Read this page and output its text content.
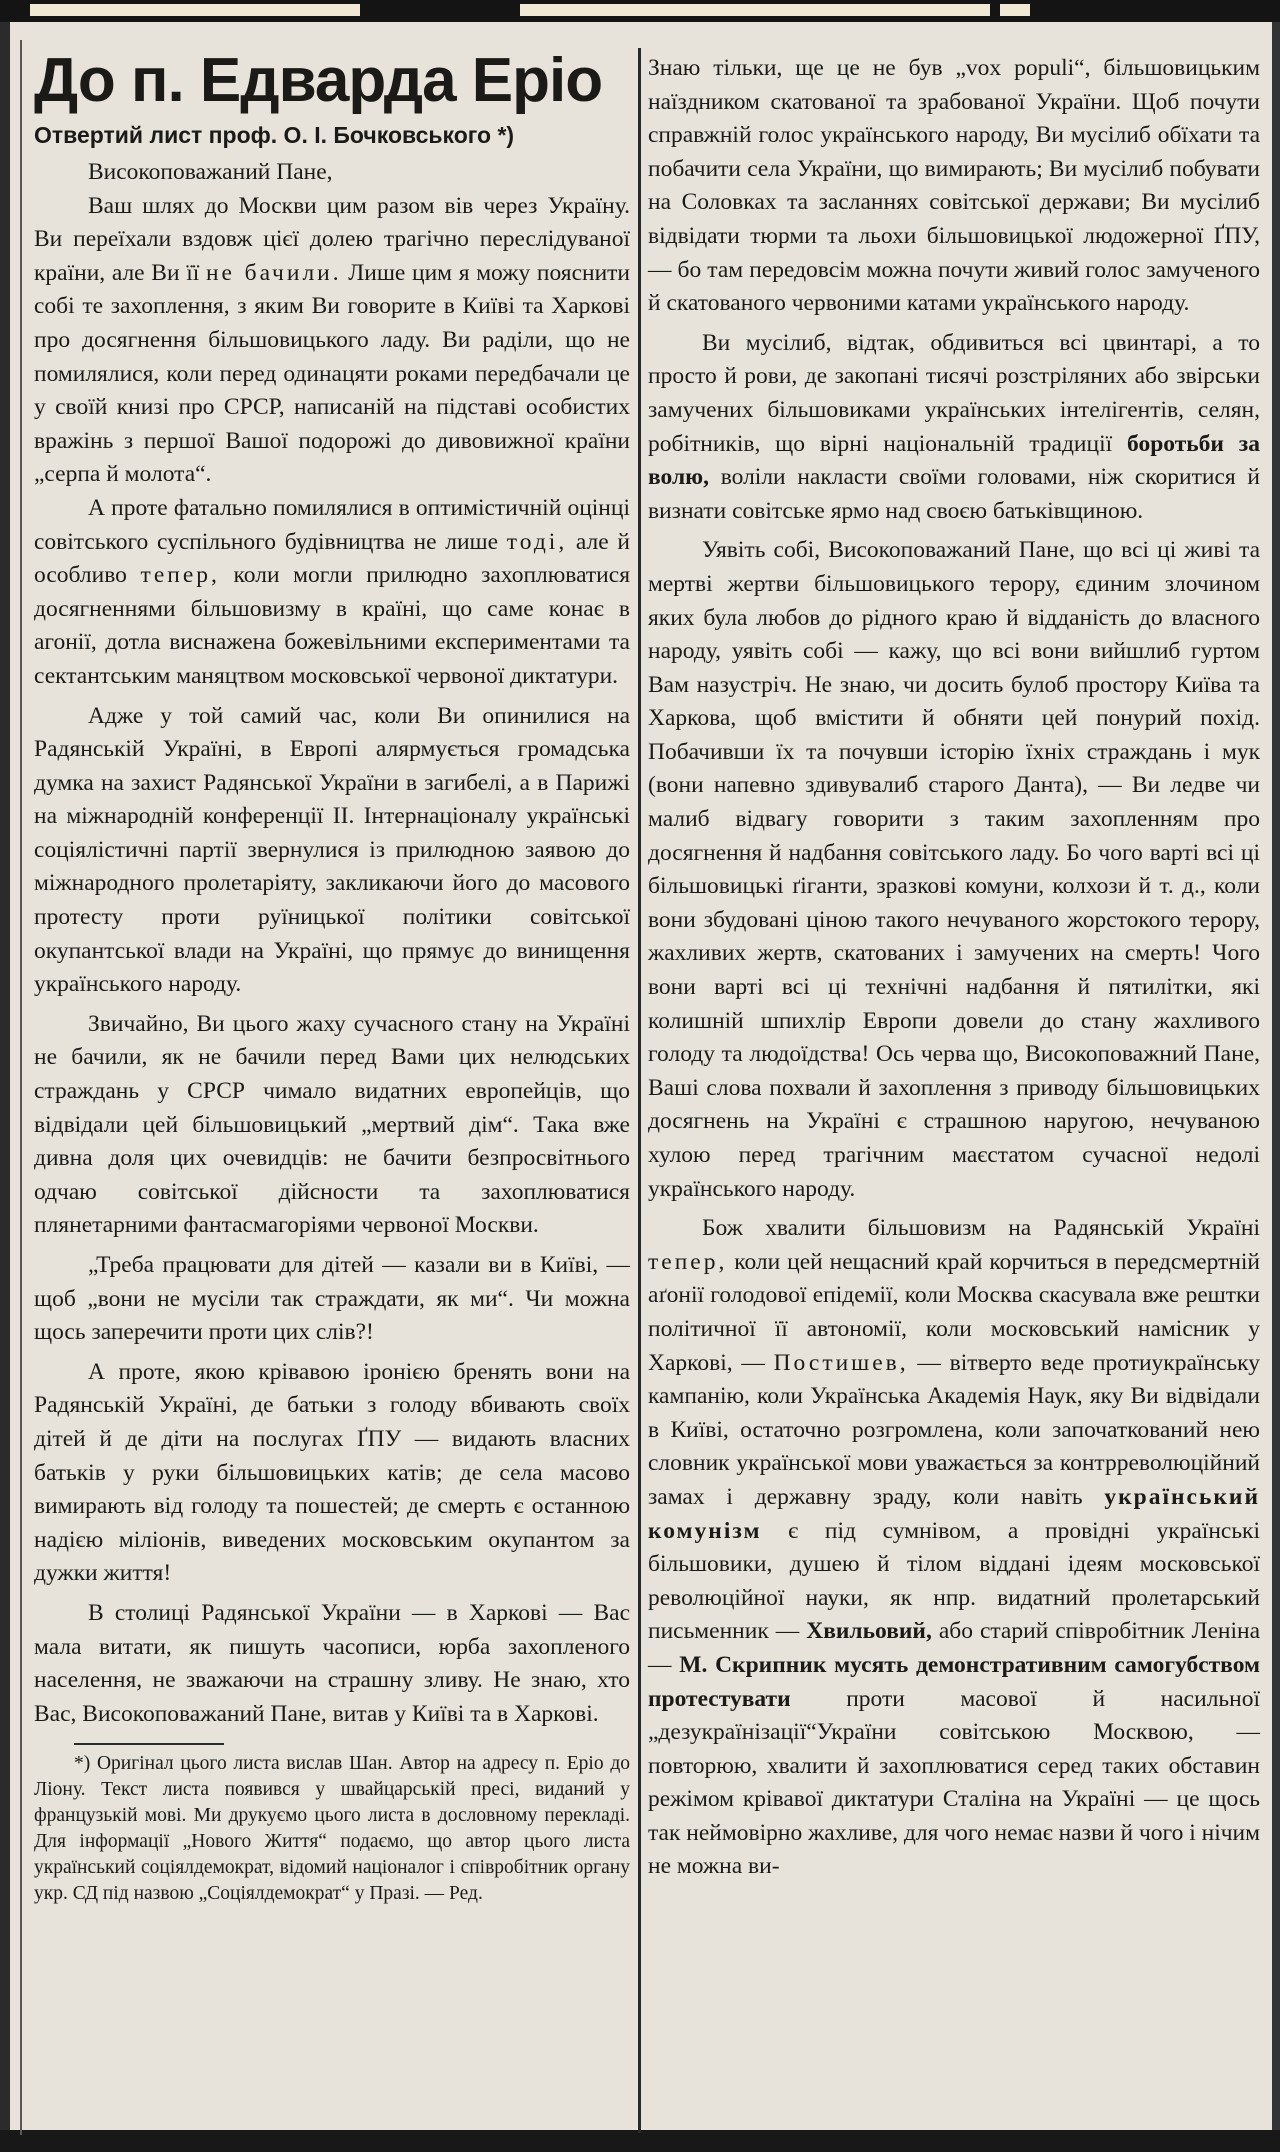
До п. Едварда Еріо
Отвертий лист проф. О. І. Бочковського *)

Високоповажаний Пане,

Ваш шлях до Москви цим разом вів через Україну. Ви переїхали вздовж цієї долею трагічно переслідуваної країни, але Ви її не бачили. Лише цим я можу пояснити собі те захоплення, з яким Ви говорите в Київі та Харкові про досягнення більшовицького ладу. Ви раділи, що не помилялися, коли перед одинацяти роками передбачали це у своїй книзі про СРСР, написаній на підставі особистих вражінь з першої Вашої подорожі до дивовижної країни „серпа й молота“.

А проте фатально помилялися в оптимістичній оцінці совітського суспільного будівництва не лише тоді, але й особливо тепер, коли могли прилюдно захоплюватися досягненнями більшовизму в країні, що саме конає в агонії, дотла виснажена божевільними експериментами та сектантським маняцтвом московської червоної диктатури.

Адже у той самий час, коли Ви опинилися на Радянській Україні, в Европі алярмується громадська думка на захист Радянської України в загибелі, а в Парижі на міжнародній конференції II. Інтернаціоналу українські соціялістичні партії звернулися із прилюдною заявою до міжнародного пролетаріяту, закликаючи його до масового протесту проти руїницької політики совітської окупантської влади на Україні, що прямує до винищення українського народу.

Звичайно, Ви цього жаху сучасного стану на Україні не бачили, як не бачили перед Вами цих нелюдських страждань у СРСР чимало видатних европейців, що відвідали цей більшовицький „мертвий дім“. Така вже дивна доля цих очевидців: не бачити безпросвітнього одчаю совітської дійсности та захоплюватися плянетарними фантасмагоріями червоної Москви.

„Треба працювати для дітей — казали ви в Київі, — щоб „вони не мусіли так страждати, як ми“. Чи можна щось заперечити проти цих слів?!

А проте, якою крівавою іронією бренять вони на Радянській Україні, де батьки з голоду вбивають своїх дітей й де діти на послугах ҐПУ — видають власних батьків у руки більшовицьких катів; де села масово вимирають від голоду та пошестей; де смерть є останною надією міліонів, виведених московським окупантом за дужки життя!

В столиці Радянської України — в Харкові — Вас мала витати, як пишуть часописи, юрба захопленого населення, не зважаючи на страшну зливу. Не знаю, хто Вас, Високоповажаний Пане, витав у Київі та в Харкові.

*) Оригінал цього листа вислав Шан. Автор на адресу п. Еріо до Ліону. Текст листа появився у швайцарській пресі, виданий у французькій мові. Ми друкуємо цього листа в дословному перекладі. Для інформації „Нового Життя“ подаємо, що автор цього листа український соціялдемократ, відомий націоналог і співробітник органу укр. СД під назвою „Соціялдемократ“ у Празі. — Ред.

Знаю тільки, ще це не був „vox populi“, більшовицьким наїздником скатованої та зрабованої України. Щоб почути справжній голос українського народу, Ви мусілиб обїхати та побачити села України, що вимирають; Ви мусілиб побувати на Соловках та засланнях совітської держави; Ви мусілиб відвідати тюрми та льохи більшовицької людожерної ҐПУ, — бо там передовсім можна почути живий голос замученого й скатованого червоними катами українського народу.

Ви мусілиб, відтак, обдивиться всі цвинтарі, а то просто й рови, де закопані тисячі розстріляних або звірськи замучених більшовиками українських інтелігентів, селян, робітників, що вірні національній традиції боротьби за волю, воліли накласти своїми головами, ніж скоритися й визнати совітське ярмо над своєю батьківщиною.

Уявіть собі, Високоповажаний Пане, що всі ці живі та мертві жертви більшовицького терору, єдиним злочином яких була любов до рідного краю й відданість до власного народу, уявіть собі — кажу, що всі вони вийшлиб гуртом Вам назустріч. Не знаю, чи досить булоб простору Київа та Харкова, щоб вмістити й обняти цей понурий похід. Побачивши їх та почувши історію їхніх страждань і мук (вони напевно здивувалиб старого Данта), — Ви ледве чи малиб відвагу говорити з таким захопленням про досягнення й надбання совітського ладу. Бо чого варті всі ці більшовицькі ґіганти, зразкові комуни, колхози й т. д., коли вони збудовані ціною такого нечуваного жорстокого терору, жахливих жертв, скатованих і замучених на смерть! Чого вони варті всі ці технічні надбання й пятилітки, які колишній шпихлір Европи довели до стану жахливого голоду та людоїдства! Ось черва що, Високоповажний Пане, Ваші слова похвали й захоплення з приводу більшовицьких досягнень на Україні є страшною наругою, нечуваною хулою перед трагічним маєстатом сучасної недолі українського народу.

Бож хвалити більшовизм на Радянській Україні тепер, коли цей нещасний край корчиться в передсмертній аґонії голодової епідемії, коли Москва скасувала вже рештки політичної її автономії, коли московський намісник у Харкові, — Постишев, — вітверто веде протиукраїнську кампанію, коли Українська Академія Наук, яку Ви відвідали в Київі, остаточно розгромлена, коли започаткований нею словник української мови уважається за контрреволюційний замах і державну зраду, коли навіть український комунізм є під сумнівом, а провідні українські більшовики, душею й тілом віддані ідеям московської революційної науки, як нпр. видатний пролетарський письменник — Хвильовий, або старий співробітник Леніна — М. Скрипник мусять демонстративним самогубством протестувати проти масової й насильної „дезукраїнізації“України совітською Москвою, — повторюю, хвалити й захоплюватися серед таких обставин режімом крівавої диктатури Сталіна на Україні — це щось так неймовірно жахливе, для чого немає назви й чого і нічим не можна ви-
